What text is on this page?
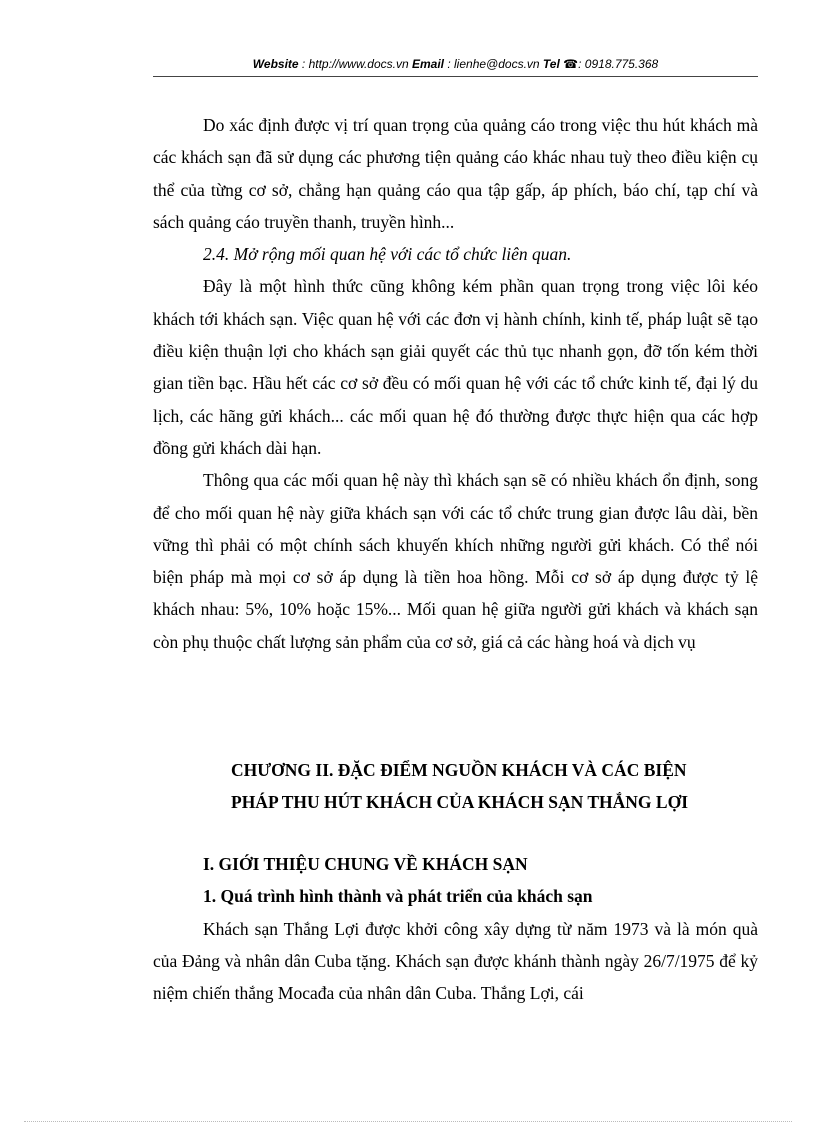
Website : http://www.docs.vn Email : lienhe@docs.vn Tel ☎: 0918.775.368

Do xác định được vị trí quan trọng của quảng cáo trong việc thu hút khách mà các khách sạn đã sử dụng các phương tiện quảng cáo khác nhau tuỳ theo điều kiện cụ thể của từng cơ sở, chẳng hạn quảng cáo qua tập gấp, áp phích, báo chí, tạp chí và sách quảng cáo truyền thanh, truyền hình...

2.4. Mở rộng mối quan hệ với các tổ chức liên quan.

Đây là một hình thức cũng không kém phần quan trọng trong việc lôi kéo khách tới khách sạn. Việc quan hệ với các đơn vị hành chính, kinh tế, pháp luật sẽ tạo điều kiện thuận lợi cho khách sạn giải quyết các thủ tục nhanh gọn, đỡ tốn kém thời gian tiền bạc. Hầu hết các cơ sở đều có mối quan hệ với các tổ chức kinh tế, đại lý du lịch, các hãng gửi khách... các mối quan hệ đó thường được thực hiện qua các hợp đồng gửi khách dài hạn.

Thông qua các mối quan hệ này thì khách sạn sẽ có nhiều khách ổn định, song để cho mối quan hệ này giữa khách sạn với các tổ chức trung gian được lâu dài, bền vững thì phải có một chính sách khuyến khích những người gửi khách. Có thể nói biện pháp mà mọi cơ sở áp dụng là tiền hoa hồng. Mỗi cơ sở áp dụng được tỷ lệ khách nhau: 5%, 10% hoặc 15%... Mối quan hệ giữa người gửi khách và khách sạn còn phụ thuộc chất lượng sản phẩm của cơ sở, giá cả các hàng hoá và dịch vụ

CHƯƠNG II. ĐẶC ĐIỂM NGUỒN KHÁCH VÀ CÁC BIỆN
PHÁP THU HÚT KHÁCH CỦA KHÁCH SẠN THẮNG LỢI

I. GIỚI THIỆU CHUNG VỀ KHÁCH SẠN

1. Quá trình hình thành và phát triển của khách sạn

Khách sạn Thắng Lợi được khởi công xây dựng từ năm 1973 và là món quà của Đảng và nhân dân Cuba tặng. Khách sạn được khánh thành ngày 26/7/1975 để kỷ niệm chiến thắng Mocađa của nhân dân Cuba. Thắng Lợi, cái
